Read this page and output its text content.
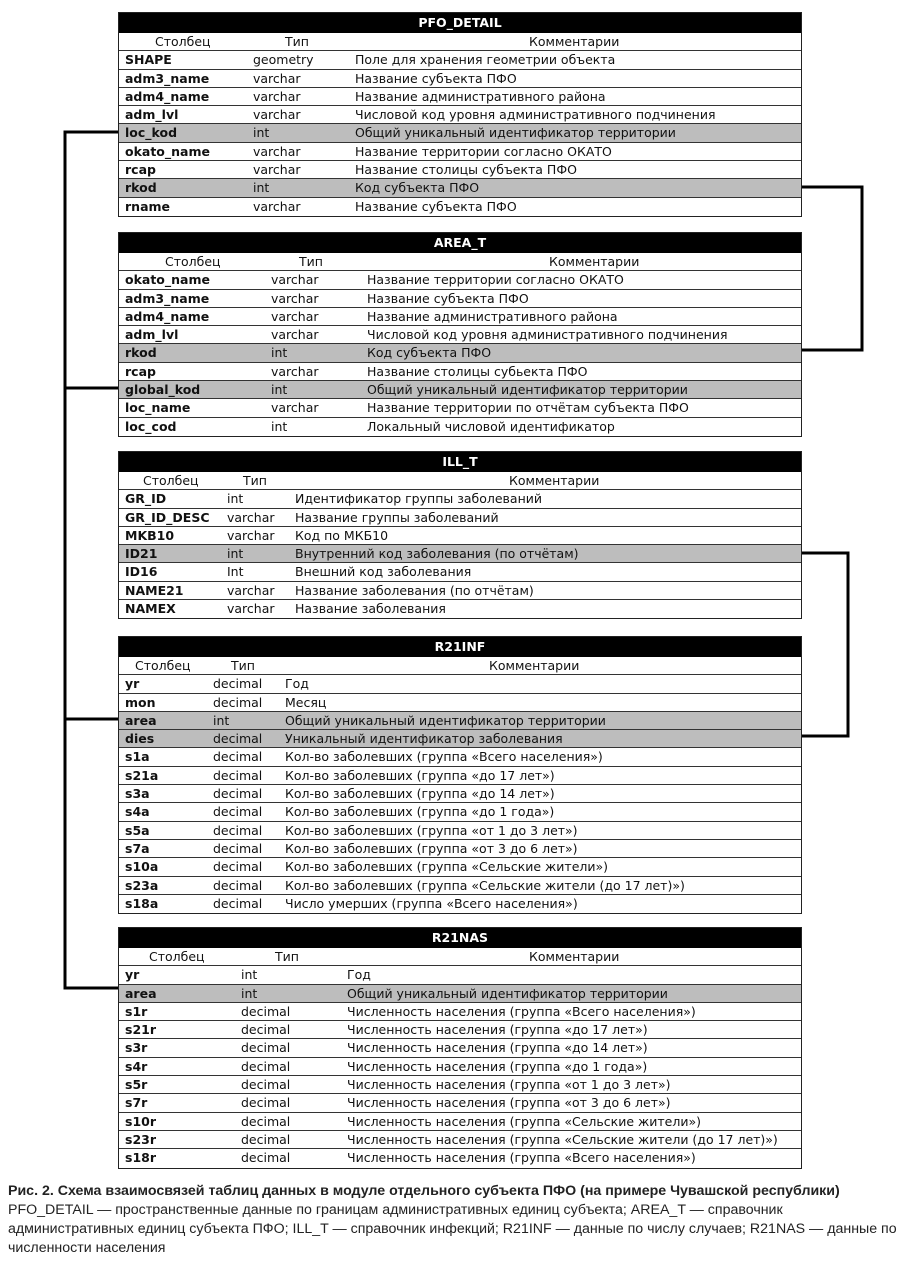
PFO_DETAIL
Столбец	Тип	Комментарии
SHAPE	geometry	Поле для хранения геометрии объекта
adm3_name	varchar	Название субъекта ПФО
adm4_name	varchar	Название административного района
adm_lvl	varchar	Числовой код уровня административного подчинения
loc_kod	int	Общий уникальный идентификатор территории
okato_name	varchar	Название территории согласно ОКАТО
rcap	varchar	Название столицы субъекта ПФО
rkod	int	Код субъекта ПФО
rname	varchar	Название субъекта ПФО
AREA_T
Столбец	Тип	Комментарии
okato_name	varchar	Название территории согласно ОКАТО
adm3_name	varchar	Название субъекта ПФО
adm4_name	varchar	Название административного района
adm_lvl	varchar	Числовой код уровня административного подчинения
rkod	int	Код субъекта ПФО
rcap	varchar	Название столицы субьекта ПФО
global_kod	int	Общий уникальный идентификатор территории
loc_name	varchar	Название территории по отчётам субъекта ПФО
loc_cod	int	Локальный числовой идентификатор
ILL_T
Столбец	Тип	Комментарии
GR_ID	int	Идентификатор группы заболеваний
GR_ID_DESC varchar Название группы заболеваний
MKB10	varchar Код по МКБ10
ID21	int	Внутренний код заболевания (по отчётам)
ID16	Int	Внешний код заболевания
NAME21	varchar Название заболевания (по отчётам)
NAMEX	varchar Название заболевания
R21INF
Столбец	Тип	Комментарии
yr	decimal Год
mon	decimal Месяц
area	int	Общий уникальный идентификатор территории
dies	decimal Уникальный идентификатор заболевания
s1a	decimal Кол-во заболевших (группа «Всего населения»)
s21a	decimal Кол-во заболевших (группа «до 17 лет»)
s3a	decimal Кол-во заболевших (группа «до 14 лет»)
s4a	decimal Кол-во заболевших (группа «до 1 года»)
s5a	decimal Кол-во заболевших (группа «от 1 до 3 лет»)
s7a	decimal Кол-во заболевших (группа «от 3 до 6 лет»)
s10a	decimal Кол-во заболевших (группа «Сельские жители»)
s23a	decimal Кол-во заболевших (группа «Сельские жители (до 17 лет)»)
s18a	decimal Число умерших (группа «Всего населения»)
R21NAS
Столбец	Тип	Комментарии
yr	int	Год
area	int	Общий уникальный идентификатор территории
s1r	decimal	Численность населения (группа «Всего населения»)
s21r	decimal	Численность населения (группа «до 17 лет»)
s3r	decimal	Численность населения (группа «до 14 лет»)
s4r	decimal	Численность населения (группа «до 1 года»)
s5r	decimal	Численность населения (группа «от 1 до 3 лет»)
s7r	decimal	Численность населения (группа «от 3 до 6 лет»)
s10r	decimal	Численность населения (группа «Сельские жители»)
s23r	decimal	Численность населения (группа «Сельские жители (до 17 лет)»)
s18r	decimal	Численность населения (группа «Всего населения»)
Рис. 2. Схема взаимосвязей таблиц данных в модуле отдельного субъекта ПФО (на примере Чувашской республики)
PFO_DETAIL — пространственные данные по границам административных единиц субъекта; AREA_T — справочник административных единиц субъекта ПФО; ILL_T — справочник инфекций; R21INF — данные по числу случаев; R21NAS — данные по численности населения
